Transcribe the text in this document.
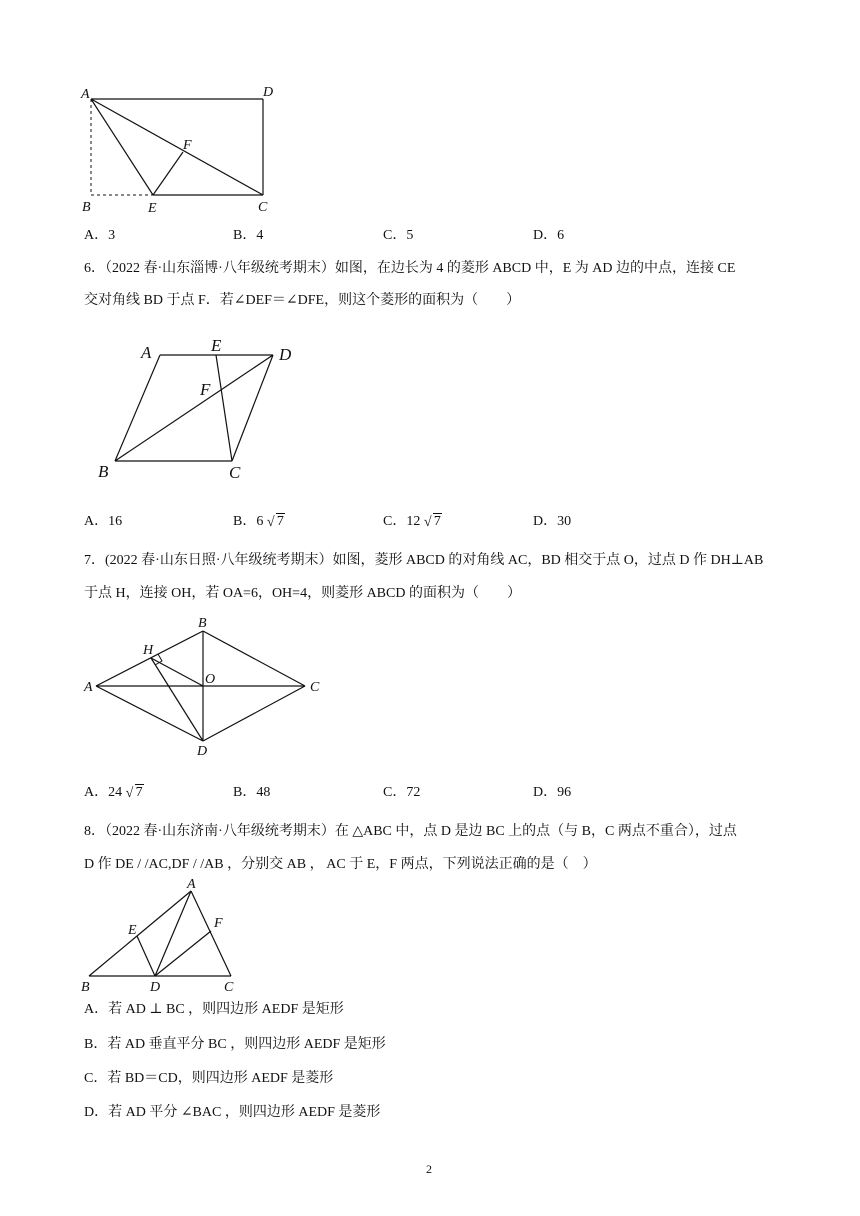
A	D
F
B	E	C
A．3	B．4	C．5	D．6
6．（2022 春·山东淄博·八年级统考期末）如图，在边长为 4 的菱形 ABCD 中，E 为 AD 边的中点，连接 CE
交对角线 BD 于点 F．若∠DEF＝∠DFE，则这个菱形的面积为（　　）
A	E	D
F
B	C
A．16	B．6 √ 7	C．12 √ 7	D．30
7．(2022 春·山东日照·八年级统考期末）如图，菱形 ABCD 的对角线 AC，BD 相交于点 O，过点 D 作 DH⊥AB
于点 H，连接 OH，若 OA=6，OH=4，则菱形 ABCD 的面积为（　　）
B
H
A
O
C
D
A．24 √ 7	B．48	C．72	D．96
8．（2022 春·山东济南·八年级统考期末）在 △ABC 中，点 D 是边 BC 上的点（与 B，C 两点不重合），过点
D 作 DE / /AC,DF / /AB ，分别交 AB ， AC 于 E，F 两点，下列说法正确的是（　）
A
E	F
B	D	C
A．若 AD ⊥ BC ，则四边形 AEDF 是矩形
B．若 AD 垂直平分 BC ，则四边形 AEDF 是矩形
C．若 BD＝CD，则四边形 AEDF 是菱形
D．若 AD 平分 ∠BAC ，则四边形 AEDF 是菱形
2
